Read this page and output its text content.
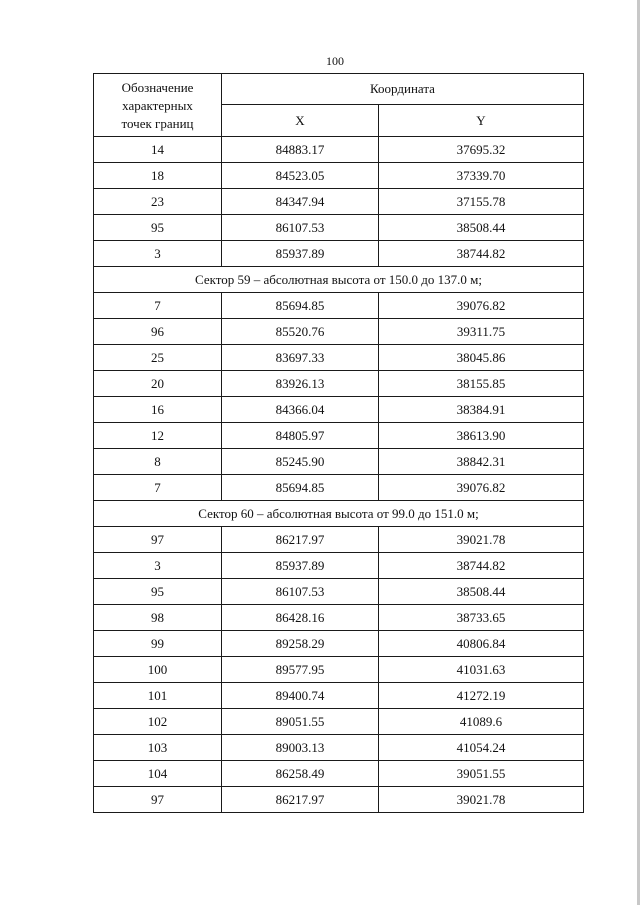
100
Обозначение
характерных
точек границ	Координата	
	X	Y
14	84883.17	37695.32
18	84523.05	37339.70
23	84347.94	37155.78
95	86107.53	38508.44
3	85937.89	38744.82
Сектор 59 – абсолютная высота от 150.0 до 137.0 м;		
7	85694.85	39076.82
96	85520.76	39311.75
25	83697.33	38045.86
20	83926.13	38155.85
16	84366.04	38384.91
12	84805.97	38613.90
8	85245.90	38842.31
7	85694.85	39076.82
Сектор 60 – абсолютная высота от 99.0 до 151.0 м;		
97	86217.97	39021.78
3	85937.89	38744.82
95	86107.53	38508.44
98	86428.16	38733.65
99	89258.29	40806.84
100	89577.95	41031.63
101	89400.74	41272.19
102	89051.55	41089.6
103	89003.13	41054.24
104	86258.49	39051.55
97	86217.97	39021.78
